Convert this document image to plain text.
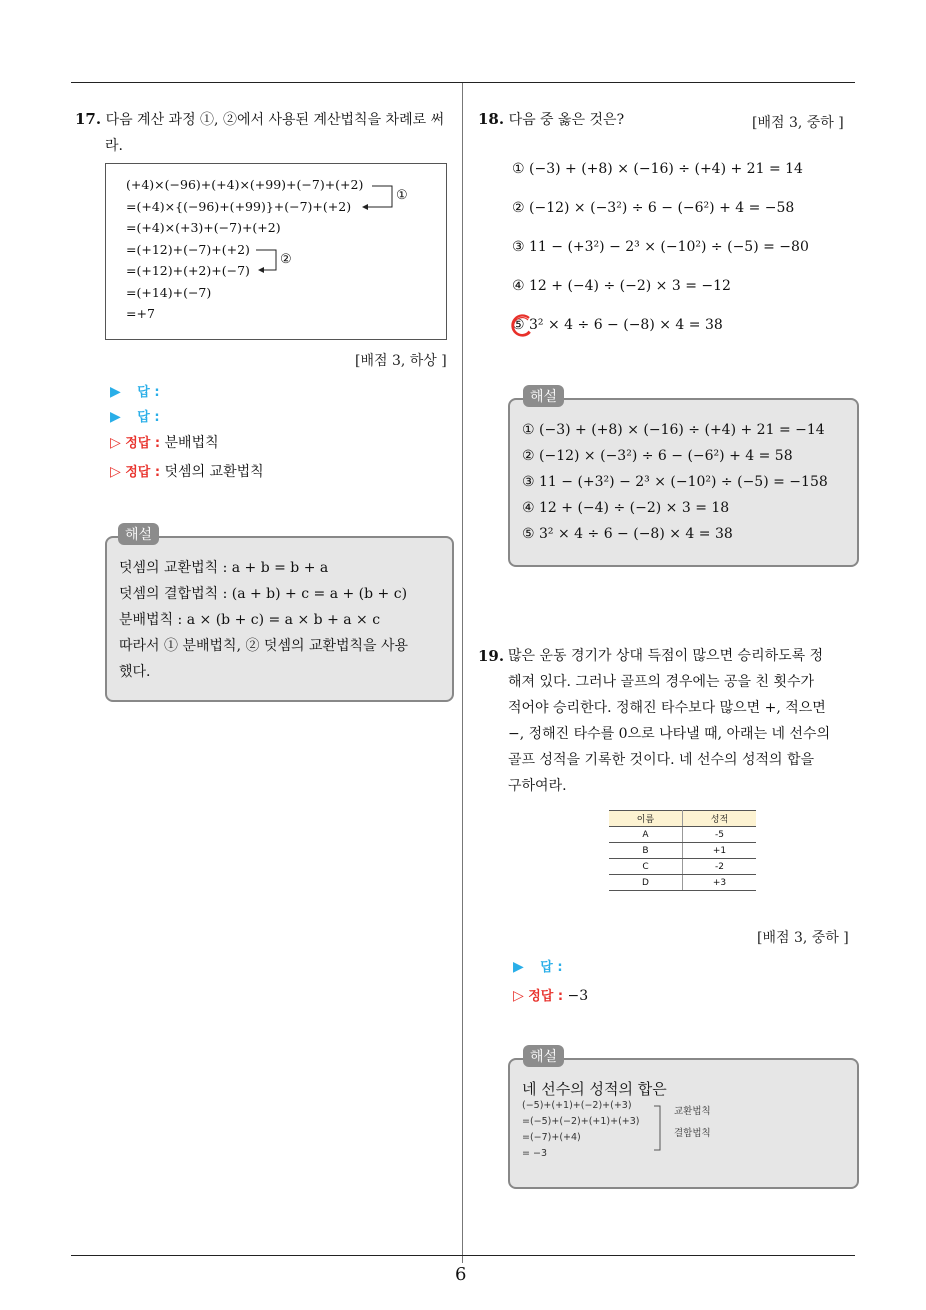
6
17. 다음 계산 과정 ①, ②에서 사용된 계산법칙을 차례로 써라.
(+4)×(−96)+(+4)×(+99)+(−7)+(+2)
=(+4)×{(−96)+(+99)}+(−7)+(+2)
=(+4)×(+3)+(−7)+(+2)
=(+12)+(−7)+(+2)
=(+12)+(+2)+(−7)
=(+14)+(−7)
=+7
①
②
[배점 3, 하상 ]
▶ 답 :
▶ 답 :
▷ 정답 : 분배법칙
▷ 정답 : 덧셈의 교환법칙
덧셈의 교환법칙 : a + b = b + a
덧셈의 결합법칙 : (a + b) + c = a + (b + c)
분배법칙 : a × (b + c) = a × b + a × c
따라서 ① 분배법칙, ② 덧셈의 교환법칙을 사용
했다.
해설
18. 다음 중 옳은 것은?	[배점 3, 중하 ]
① (−3) + (+8) × (−16) ÷ (+4) + 21 = 14
② (−12) × (−3²) ÷ 6 − (−6²) + 4 = −58
③ 11 − (+3²) − 2³ × (−10²) ÷ (−5) = −80
④ 12 + (−4) ÷ (−2) × 3 = −12
⑤ 3² × 4 ÷ 6 − (−8) × 4 = 38
① (−3) + (+8) × (−16) ÷ (+4) + 21 = −14
② (−12) × (−3²) ÷ 6 − (−6²) + 4 = 58
③ 11 − (+3²) − 2³ × (−10²) ÷ (−5) = −158
④ 12 + (−4) ÷ (−2) × 3 = 18
⑤ 3² × 4 ÷ 6 − (−8) × 4 = 38
해설
19. 많은 운동 경기가 상대 득점이 많으면 승리하도록 정
해져 있다. 그러나 골프의 경우에는 공을 친 횟수가
적어야 승리한다. 정해진 타수보다 많으면 +, 적으면
−, 정해진 타수를 0으로 나타낼 때, 아래는 네 선수의
골프 성적을 기록한 것이다. 네 선수의 성적의 합을
구하여라.
이름	성적
A	-5
B	+1
C	-2
D	+3
[배점 3, 중하 ]
▶ 답 :
▷ 정답 : −3
네 선수의 성적의 합은
(−5)+(+1)+(−2)+(+3)
=(−5)+(−2)+(+1)+(+3)
=(−7)+(+4)
= −3
교환법칙
결합법칙
해설
